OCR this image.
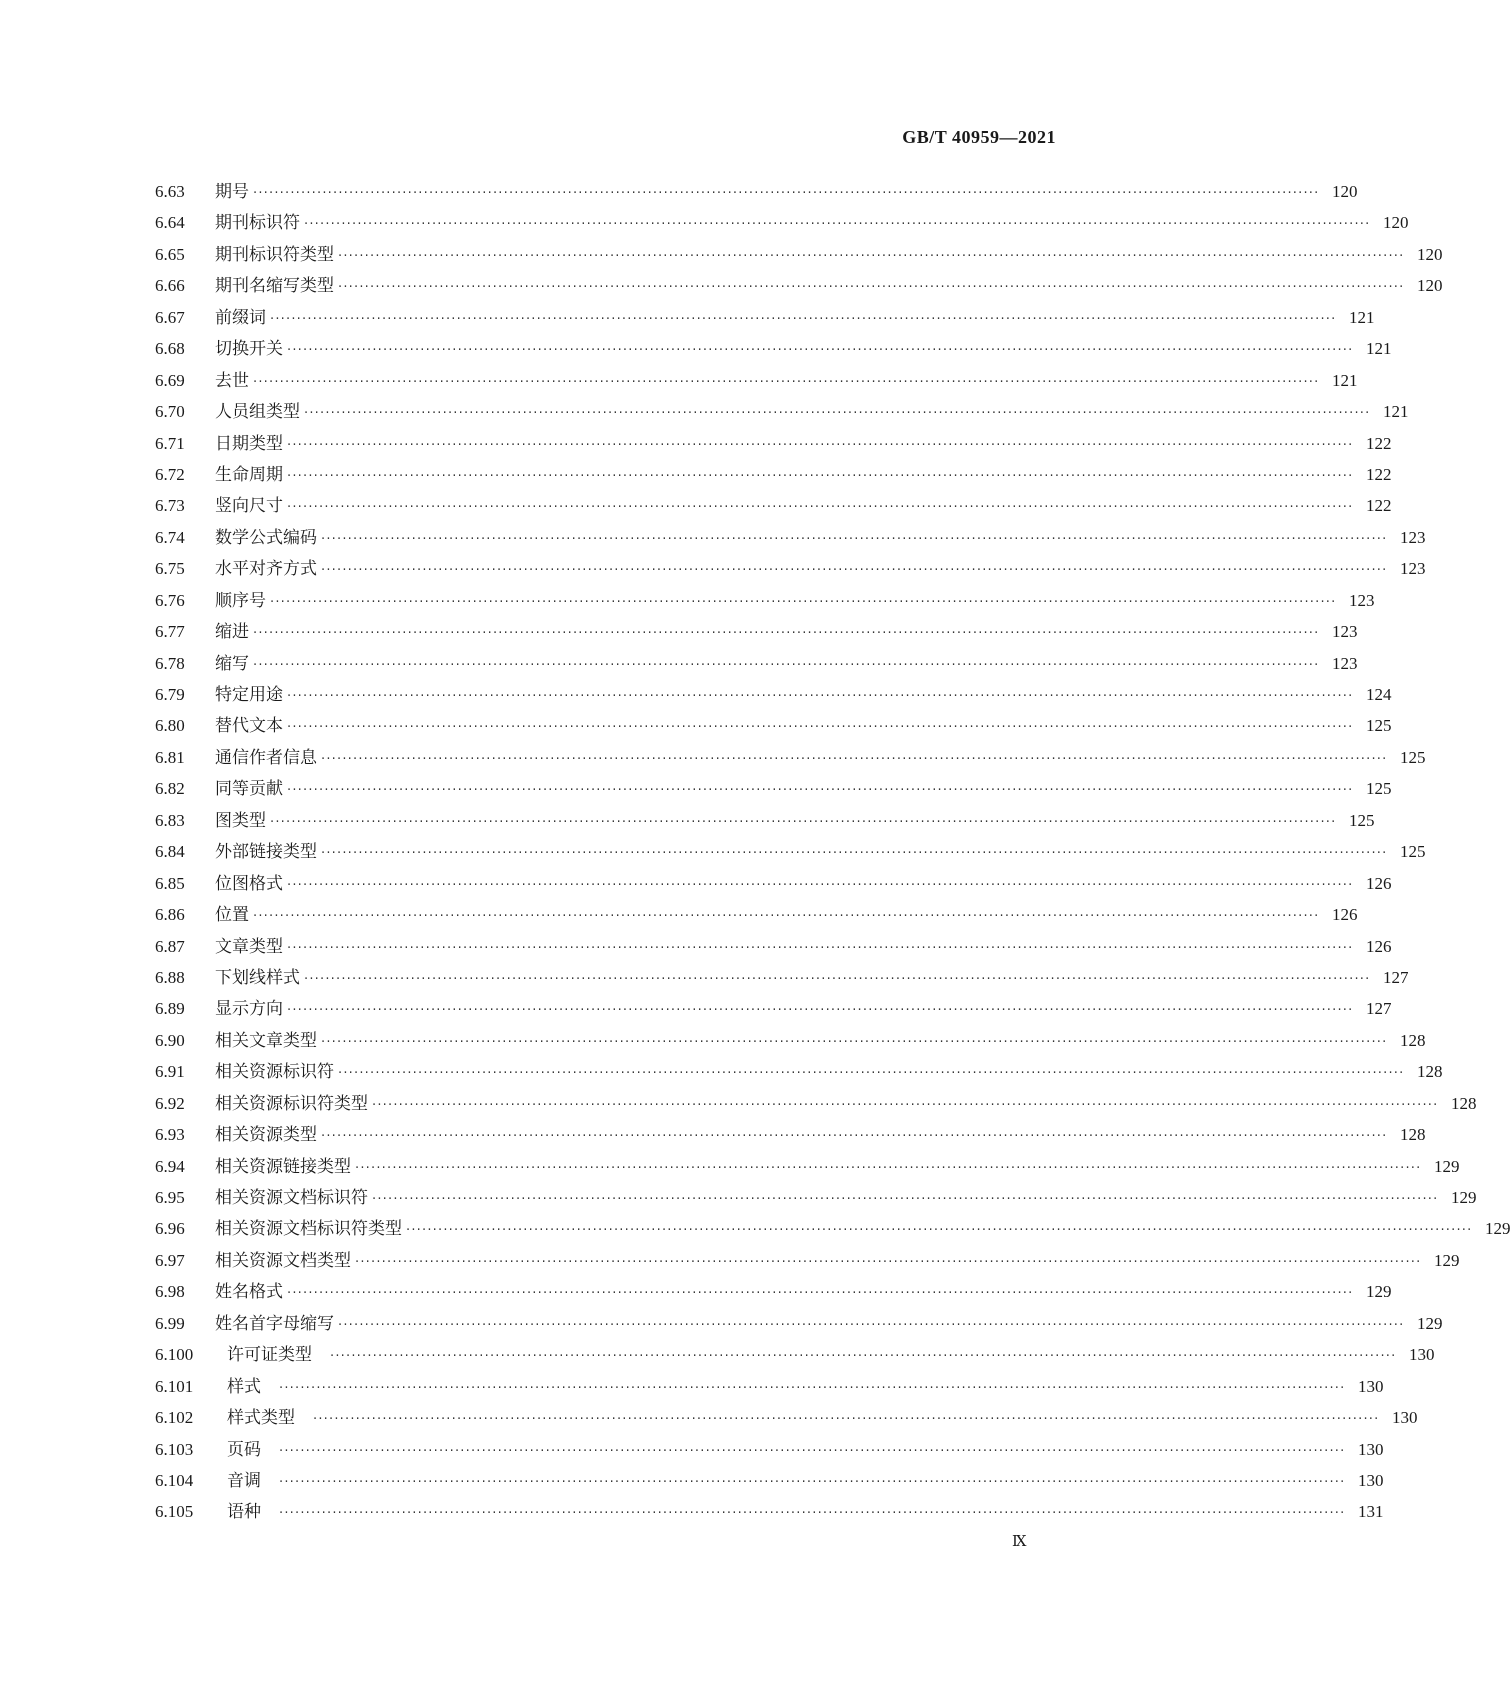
GB/T 40959—2021
6.63	期号 ········································································································································································································ 120
6.64	期刊标识符 ········································································································································································································ 120
6.65	期刊标识符类型 ········································································································································································································ 120
6.66	期刊名缩写类型 ········································································································································································································ 120
6.67	前缀词 ········································································································································································································ 121
6.68	切换开关 ········································································································································································································ 121
6.69	去世 ········································································································································································································ 121
6.70	人员组类型 ········································································································································································································ 121
6.71	日期类型 ········································································································································································································ 122
6.72	生命周期 ········································································································································································································ 122
6.73	竖向尺寸 ········································································································································································································ 122
6.74	数学公式编码 ········································································································································································································ 123
6.75	水平对齐方式 ········································································································································································································ 123
6.76	顺序号 ········································································································································································································ 123
6.77	缩进 ········································································································································································································ 123
6.78	缩写 ········································································································································································································ 123
6.79	特定用途 ········································································································································································································ 124
6.80	替代文本 ········································································································································································································ 125
6.81	通信作者信息 ········································································································································································································ 125
6.82	同等贡献 ········································································································································································································ 125
6.83	图类型 ········································································································································································································ 125
6.84	外部链接类型 ········································································································································································································ 125
6.85	位图格式 ········································································································································································································ 126
6.86	位置 ········································································································································································································ 126
6.87	文章类型 ········································································································································································································ 126
6.88	下划线样式 ········································································································································································································ 127
6.89	显示方向 ········································································································································································································ 127
6.90	相关文章类型 ········································································································································································································ 128
6.91	相关资源标识符 ········································································································································································································ 128
6.92	相关资源标识符类型 ········································································································································································································ 128
6.93	相关资源类型 ········································································································································································································ 128
6.94	相关资源链接类型 ········································································································································································································ 129
6.95	相关资源文档标识符 ········································································································································································································ 129
6.96	相关资源文档标识符类型 ········································································································································································································ 129
6.97	相关资源文档类型 ········································································································································································································ 129
6.98	姓名格式 ········································································································································································································ 129
6.99	姓名首字母缩写 ········································································································································································································ 129
6.100	许可证类型	········································································································································································································ 130
6.101	样式	········································································································································································································ 130
6.102	样式类型	········································································································································································································ 130
6.103	页码	········································································································································································································ 130
6.104	音调	········································································································································································································ 130
6.105	语种	········································································································································································································ 131
Ⅸ
